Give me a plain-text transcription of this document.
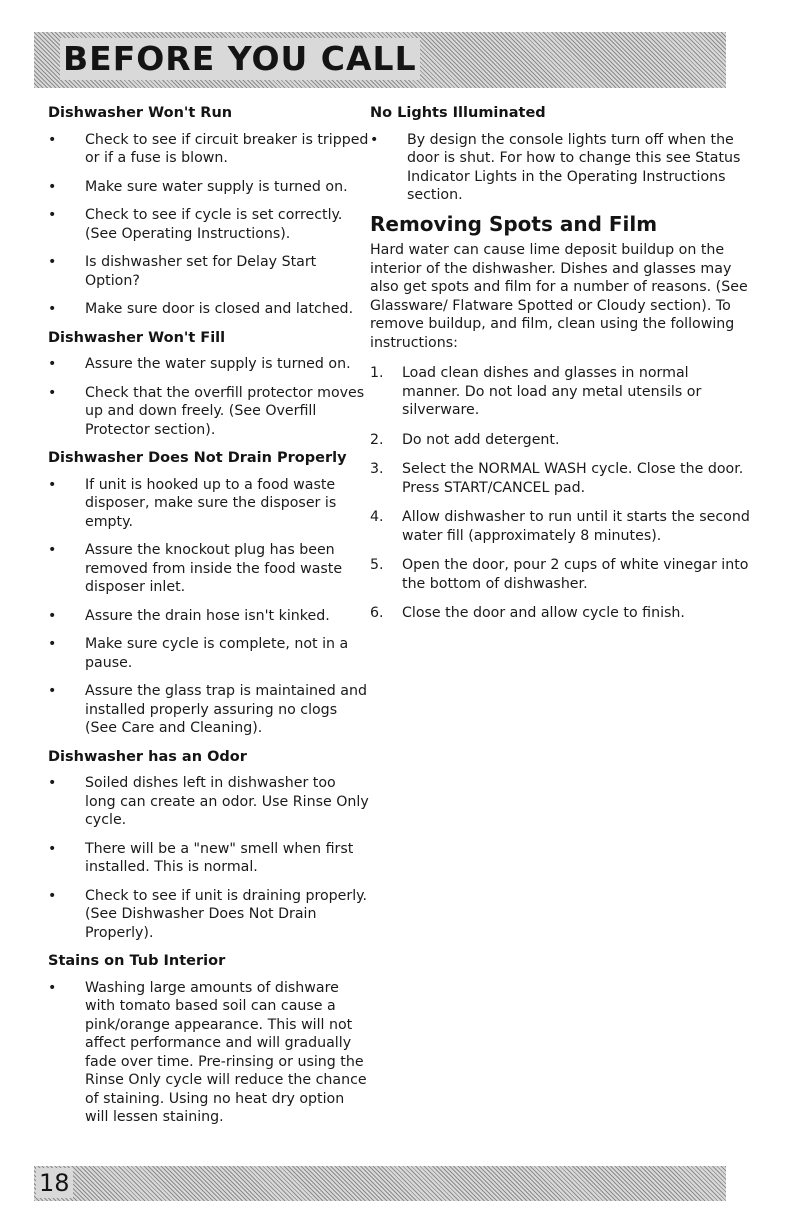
BEFORE YOU CALL
Dishwasher Won't Run
• Check to see if circuit breaker is tripped or if a fuse is blown.
• Make sure water supply is turned on.
• Check to see if cycle is set correctly. (See Operating Instructions).
• Is dishwasher set for Delay Start Option?
• Make sure door is closed and latched.
Dishwasher Won't Fill
• Assure the water supply is turned on.
• Check that the overfill protector moves up and down freely. (See Overfill Protector section).
Dishwasher Does Not Drain Properly
• If unit is hooked up to a food waste disposer, make sure the disposer is empty.
• Assure the knockout plug has been removed from inside the food waste disposer inlet.
• Assure the drain hose isn't kinked.
• Make sure cycle is complete, not in a pause.
• Assure the glass trap is maintained and installed properly assuring no clogs (See Care and Cleaning).
Dishwasher has an Odor
• Soiled dishes left in dishwasher too long can create an odor. Use Rinse Only cycle.
• There will be a "new" smell when first installed. This is normal.
• Check to see if unit is draining properly. (See Dishwasher Does Not Drain Properly).
Stains on Tub Interior
• Washing large amounts of dishware with tomato based soil can cause a pink/orange appearance. This will not affect performance and will gradually fade over time. Pre-rinsing or using the Rinse Only cycle will reduce the chance of staining. Using no heat dry option will lessen staining.
No Lights Illuminated
• By design the console lights turn off when the door is shut. For how to change this see Status Indicator Lights in the Operating Instructions section.
Removing Spots and Film

Hard water can cause lime deposit buildup on the interior of the dishwasher. Dishes and glasses may also get spots and film for a number of reasons. (See Glassware/ Flatware Spotted or Cloudy section). To remove buildup, and film, clean using the following instructions:

1. Load clean dishes and glasses in normal manner. Do not load any metal utensils or silverware.
2. Do not add detergent.
3. Select the NORMAL WASH cycle. Close the door. Press START/CANCEL pad.
4. Allow dishwasher to run until it starts the second water fill (approximately 8 minutes).
5. Open the door, pour 2 cups of white vinegar into the bottom of dishwasher.
6. Close the door and allow cycle to finish.
18
